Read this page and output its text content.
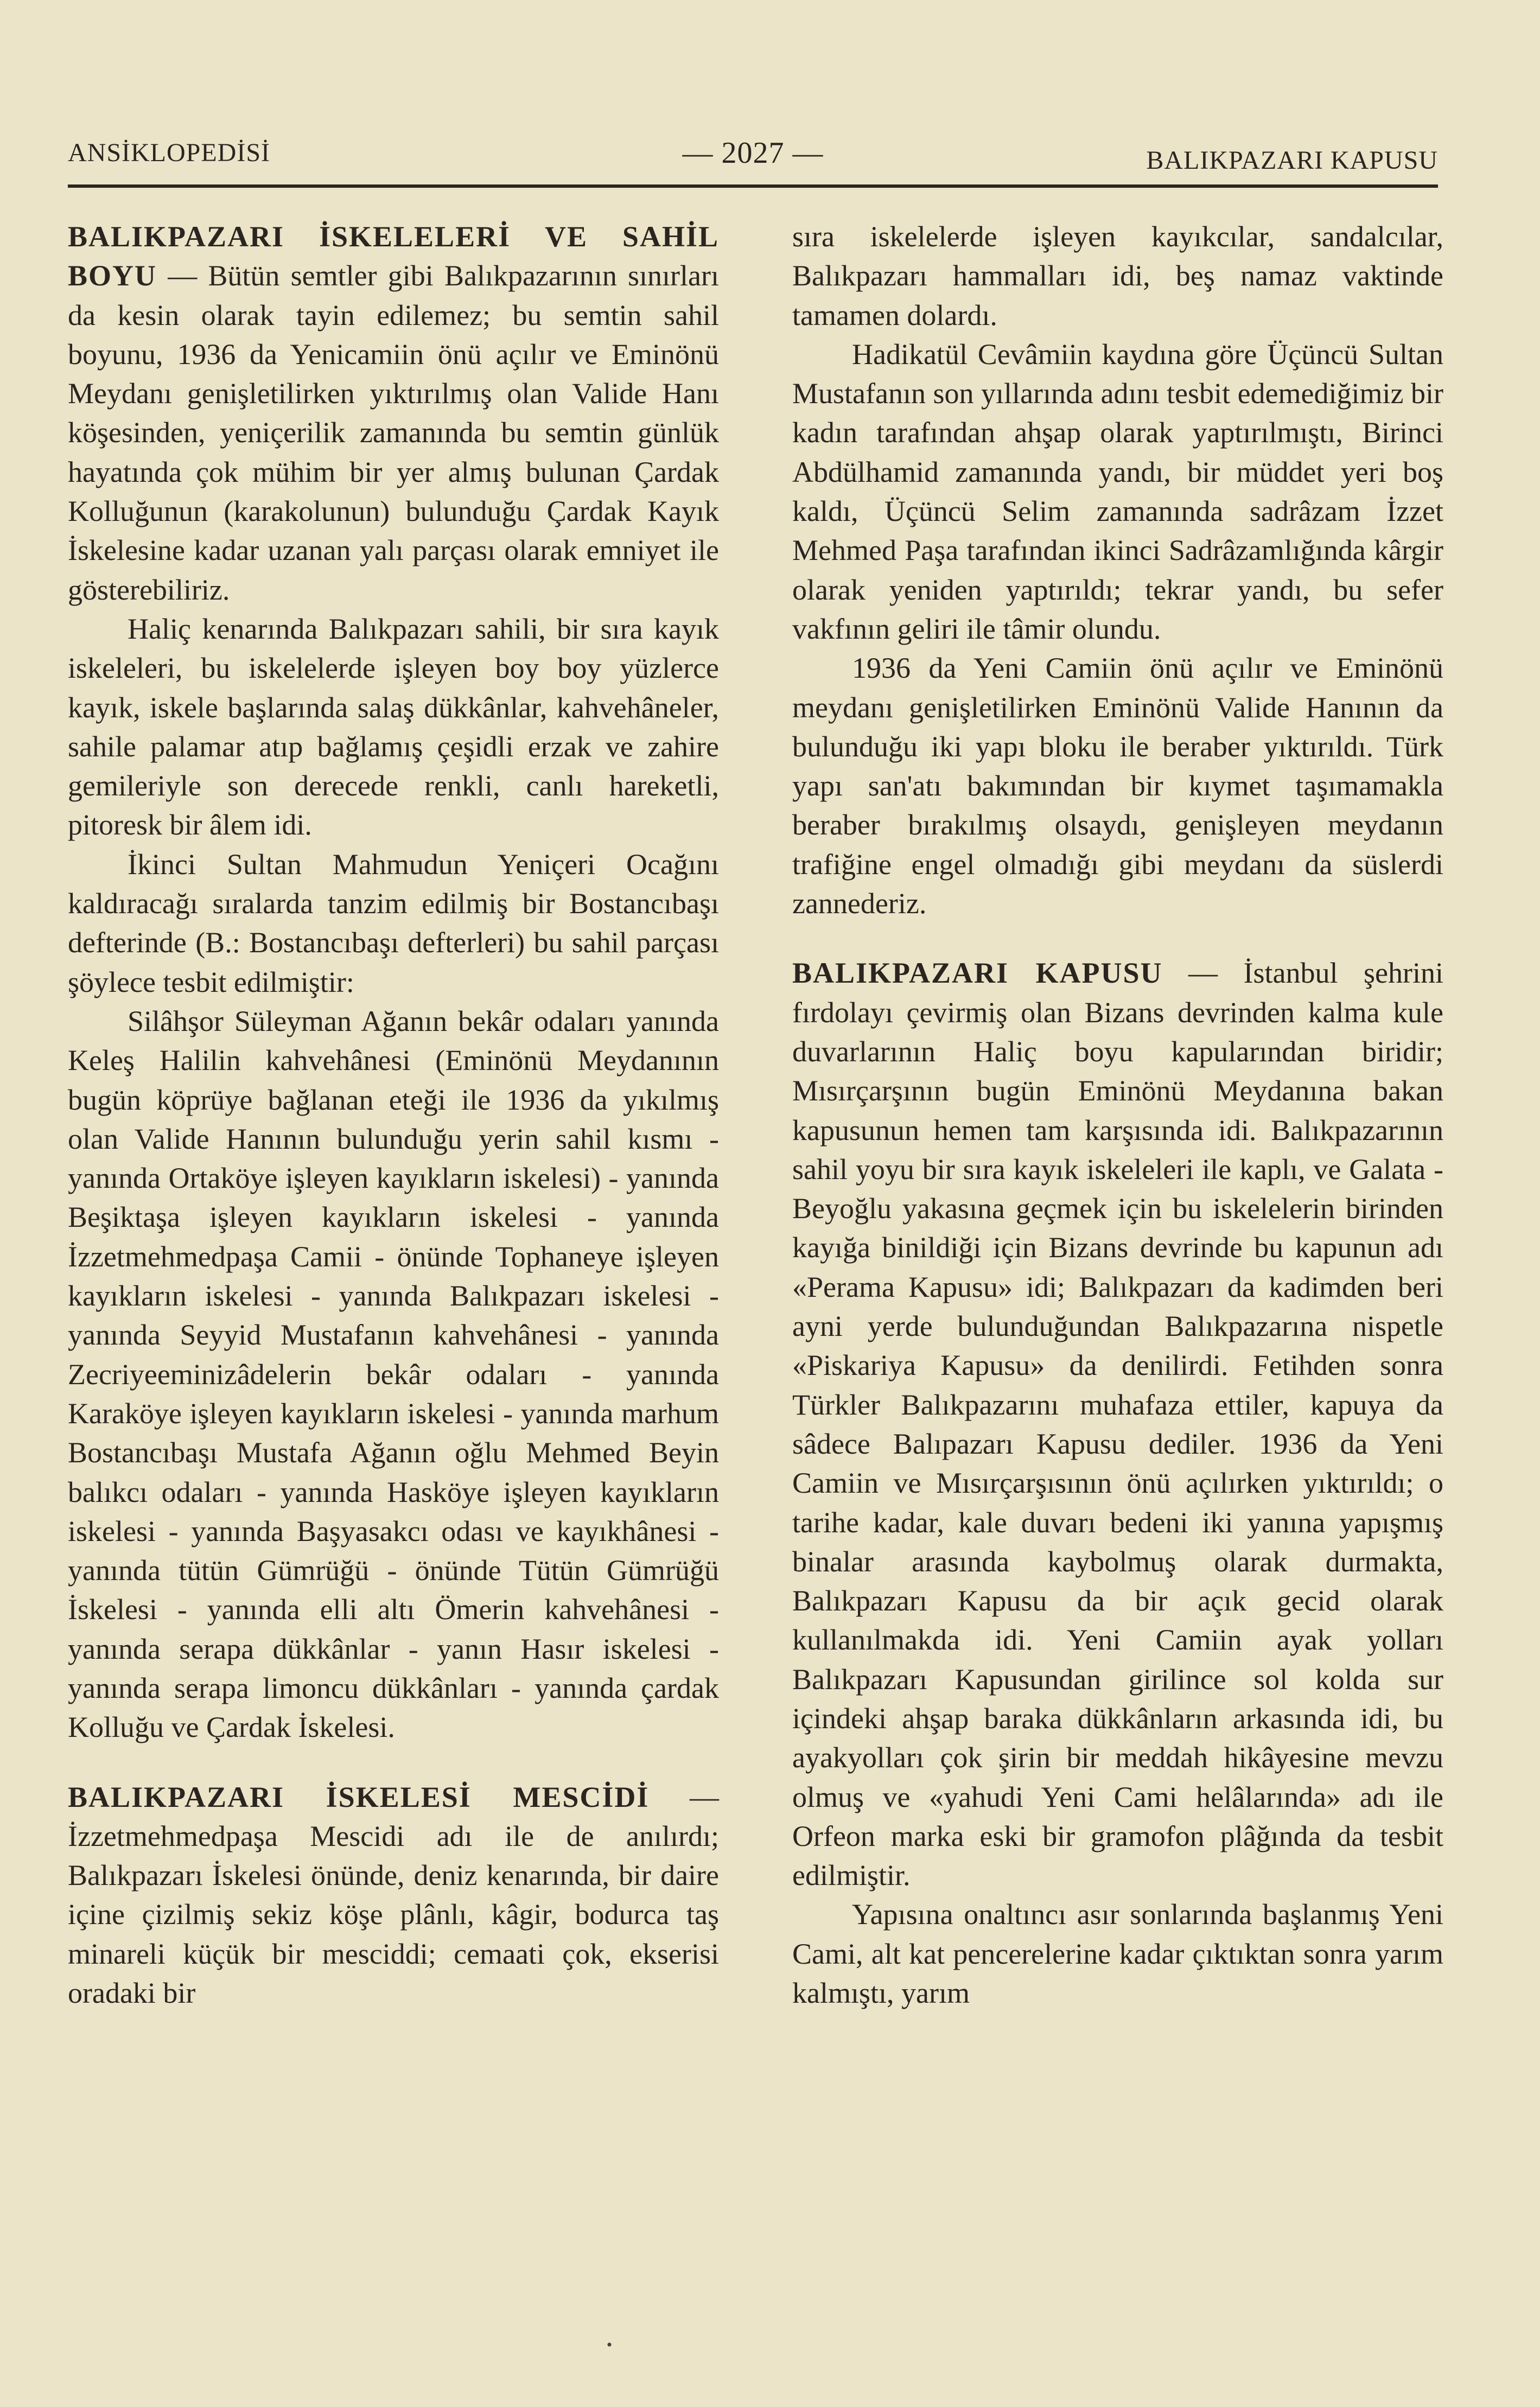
ANSİKLOPEDİSİ	— 2027 —	BALIKPAZARI KAPUSU

BALIKPAZARI İSKELELERİ VE SAHİL BOYU — Bütün semtler gibi Balıkpazarının sınırları da kesin olarak tayin edilemez; bu semtin sahil boyunu, 1936 da Yenicamiin önü açılır ve Eminönü Meydanı genişletilirken yıktırılmış olan Valide Hanı köşesinden, yeniçerilik zamanında bu semtin günlük hayatında çok mühim bir yer almış bulunan Çardak Kolluğunun (karakolunun) bulunduğu Çardak Kayık İskelesine kadar uzanan yalı parçası olarak emniyet ile gösterebiliriz.

Haliç kenarında Balıkpazarı sahili, bir sıra kayık iskeleleri, bu iskelelerde işleyen boy boy yüzlerce kayık, iskele başlarında salaş dükkânlar, kahvehâneler, sahile palamar atıp bağlamış çeşidli erzak ve zahire gemileriyle son derecede renkli, canlı hareketli, pitoresk bir âlem idi.

İkinci Sultan Mahmudun Yeniçeri Ocağını kaldıracağı sıralarda tanzim edilmiş bir Bostancıbaşı defterinde (B.: Bostancıbaşı defterleri) bu sahil parçası şöylece tesbit edilmiştir:

Silâhşor Süleyman Ağanın bekâr odaları yanında Keleş Halilin kahvehânesi (Eminönü Meydanının bugün köprüye bağlanan eteği ile 1936 da yıkılmış olan Valide Hanının bulunduğu yerin sahil kısmı - yanında Ortaköye işleyen kayıkların iskelesi) - yanında Beşiktaşa işleyen kayıkların iskelesi - yanında İzzetmehmedpaşa Camii - önünde Tophaneye işleyen kayıkların iskelesi - yanında Balıkpazarı iskelesi - yanında Seyyid Mustafanın kahvehânesi - yanında Zecriyeeminizâdelerin bekâr odaları - yanında Karaköye işleyen kayıkların iskelesi - yanında marhum Bostancıbaşı Mustafa Ağanın oğlu Mehmed Beyin balıkcı odaları - yanında Hasköye işleyen kayıkların iskelesi - yanında Başyasakcı odası ve kayıkhânesi - yanında tütün Gümrüğü - önünde Tütün Gümrüğü İskelesi - yanında elli altı Ömerin kahvehânesi - yanında serapa dükkânlar - yanın Hasır iskelesi - yanında serapa limoncu dükkânları - yanında çardak Kolluğu ve Çardak İskelesi.

BALIKPAZARI İSKELESİ MESCİDİ — İzzetmehmedpaşa Mescidi adı ile de anılırdı; Balıkpazarı İskelesi önünde, deniz kenarında, bir daire içine çizilmiş sekiz köşe plânlı, kâgir, bodurca taş minareli küçük bir mesciddi; cemaati çok, ekserisi oradaki bir

sıra iskelelerde işleyen kayıkcılar, sandalcılar, Balıkpazarı hammalları idi, beş namaz vaktinde tamamen dolardı.

Hadikatül Cevâmiin kaydına göre Üçüncü Sultan Mustafanın son yıllarında adını tesbit edemediğimiz bir kadın tarafından ahşap olarak yaptırılmıştı, Birinci Abdülhamid zamanında yandı, bir müddet yeri boş kaldı, Üçüncü Selim zamanında sadrâzam İzzet Mehmed Paşa tarafından ikinci Sadrâzamlığında kârgir olarak yeniden yaptırıldı; tekrar yandı, bu sefer vakfının geliri ile tâmir olundu.

1936 da Yeni Camiin önü açılır ve Eminönü meydanı genişletilirken Eminönü Valide Hanının da bulunduğu iki yapı bloku ile beraber yıktırıldı. Türk yapı san'atı bakımından bir kıymet taşımamakla beraber bırakılmış olsaydı, genişleyen meydanın trafiğine engel olmadığı gibi meydanı da süslerdi zannederiz.

BALIKPAZARI KAPUSU — İstanbul şehrini fırdolayı çevirmiş olan Bizans devrinden kalma kule duvarlarının Haliç boyu kapularından biridir; Mısırçarşının bugün Eminönü Meydanına bakan kapusunun hemen tam karşısında idi. Balıkpazarının sahil yoyu bir sıra kayık iskeleleri ile kaplı, ve Galata - Beyoğlu yakasına geçmek için bu iskelelerin birinden kayığa binildiği için Bizans devrinde bu kapunun adı «Perama Kapusu» idi; Balıkpazarı da kadimden beri ayni yerde bulunduğundan Balıkpazarına nispetle «Piskariya Kapusu» da denilirdi. Fetihden sonra Türkler Balıkpazarını muhafaza ettiler, kapuya da sâdece Balıpazarı Kapusu dediler. 1936 da Yeni Camiin ve Mısırçarşısının önü açılırken yıktırıldı; o tarihe kadar, kale duvarı bedeni iki yanına yapışmış binalar arasında kaybolmuş olarak durmakta, Balıkpazarı Kapusu da bir açık gecid olarak kullanılmakda idi. Yeni Camiin ayak yolları Balıkpazarı Kapusundan girilince sol kolda sur içindeki ahşap baraka dükkânların arkasında idi, bu ayakyolları çok şirin bir meddah hikâyesine mevzu olmuş ve «yahudi Yeni Cami helâlarında» adı ile Orfeon marka eski bir gramofon plâğında da tesbit edilmiştir.

Yapısına onaltıncı asır sonlarında başlanmış Yeni Cami, alt kat pencerelerine kadar çıktıktan sonra yarım kalmıştı, yarım

•
